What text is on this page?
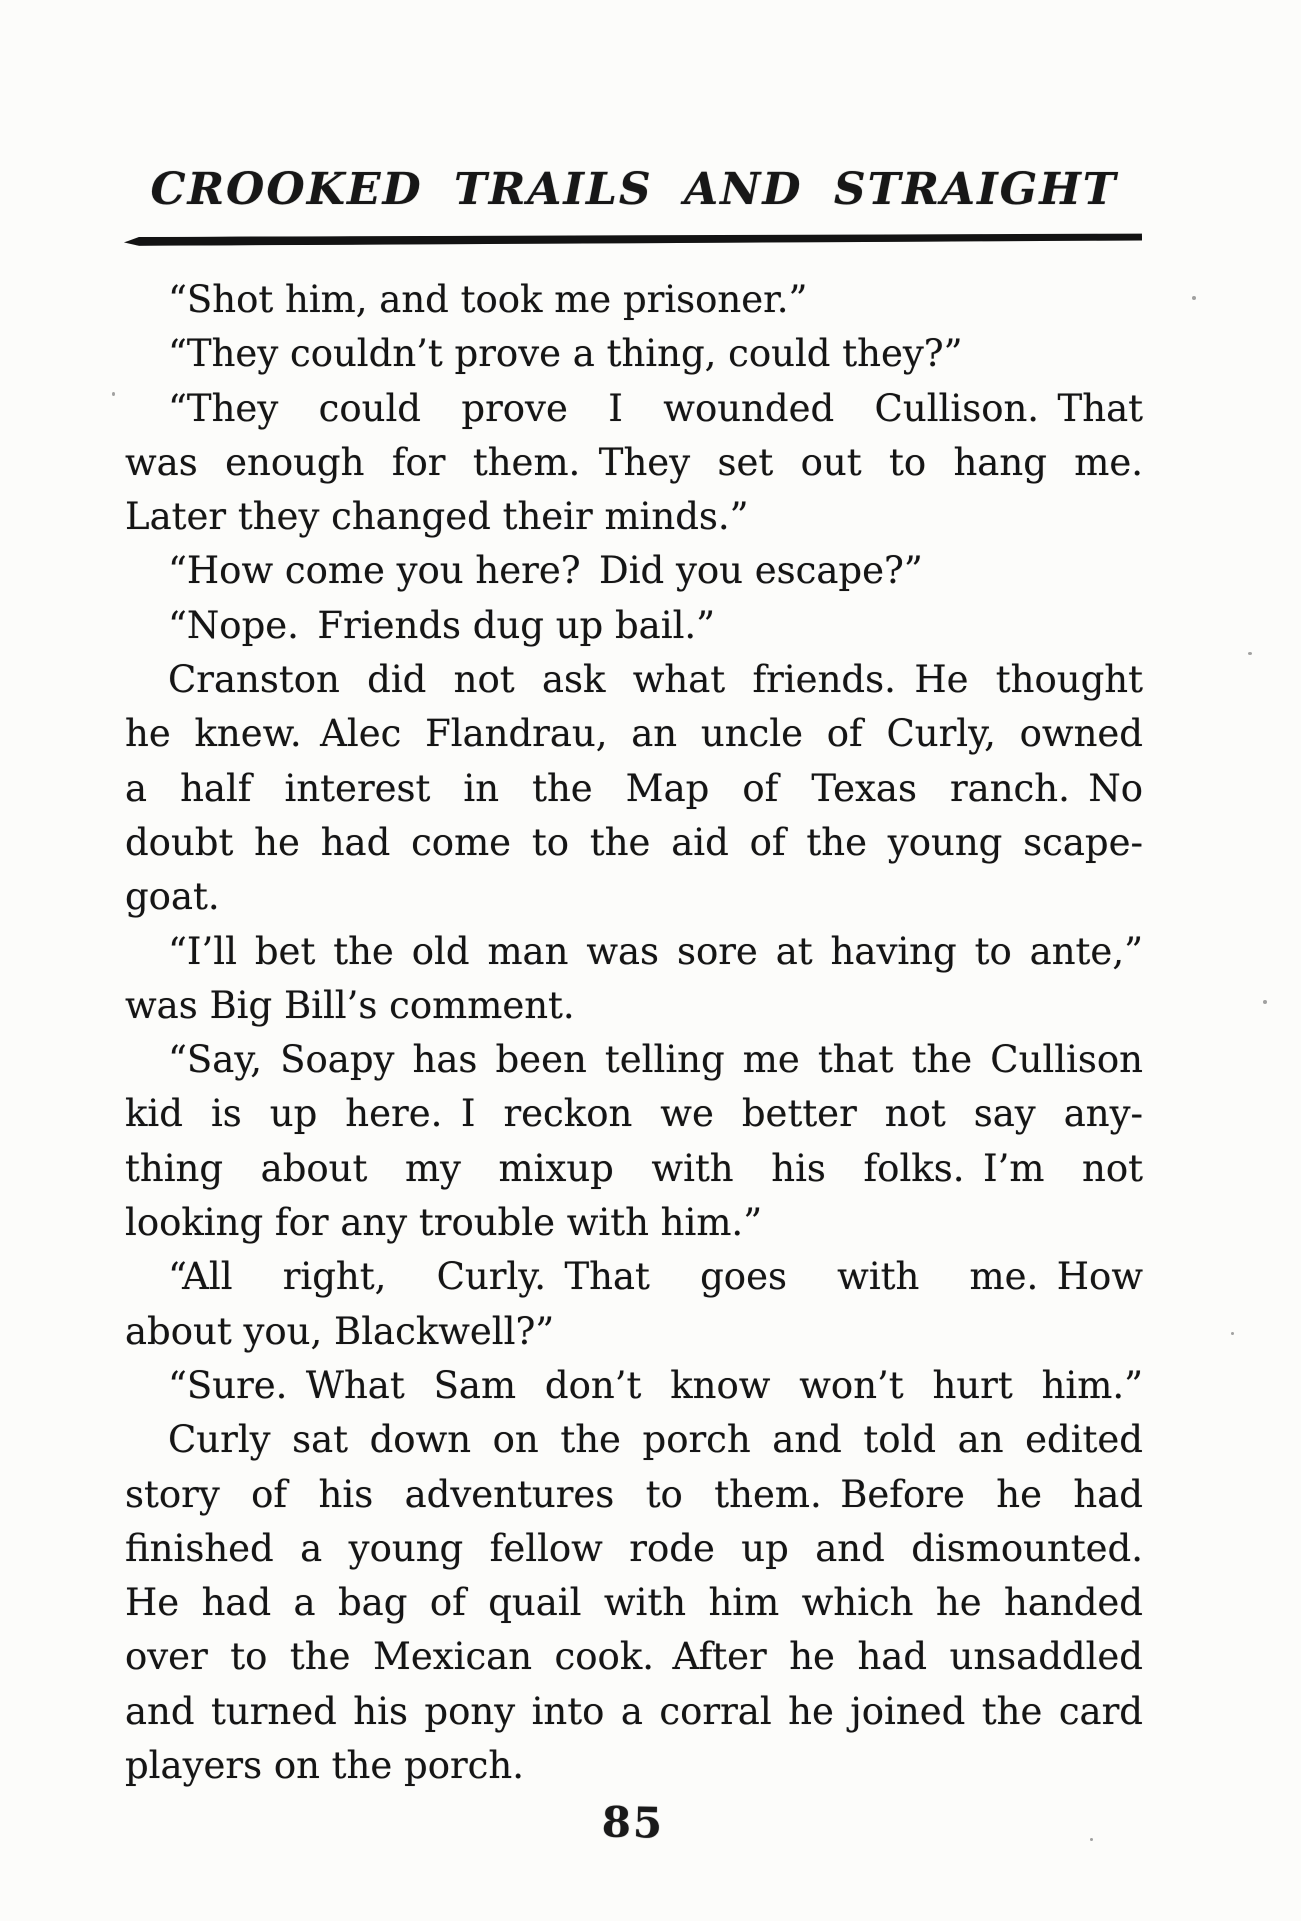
CROOKED TRAILS AND STRAIGHT
“Shot him, and took me prisoner.”
“They couldn’t prove a thing, could they?”
“They could prove I wounded Cullison. That
was enough for them. They set out to hang me.
Later they changed their minds.”
“How come you here? Did you escape?”
“Nope. Friends dug up bail.”
Cranston did not ask what friends. He thought
he knew. Alec Flandrau, an uncle of Curly, owned
a half interest in the Map of Texas ranch. No
doubt he had come to the aid of the young scape-
goat.
“I’ll bet the old man was sore at having to ante,”
was Big Bill’s comment.
“Say, Soapy has been telling me that the Cullison
kid is up here. I reckon we better not say any-
thing about my mixup with his folks. I’m not
looking for any trouble with him.”
“All right, Curly. That goes with me. How
about you, Blackwell?”
“Sure. What Sam don’t know won’t hurt him.”
Curly sat down on the porch and told an edited
story of his adventures to them. Before he had
finished a young fellow rode up and dismounted.
He had a bag of quail with him which he handed
over to the Mexican cook. After he had unsaddled
and turned his pony into a corral he joined the card
players on the porch.
85
